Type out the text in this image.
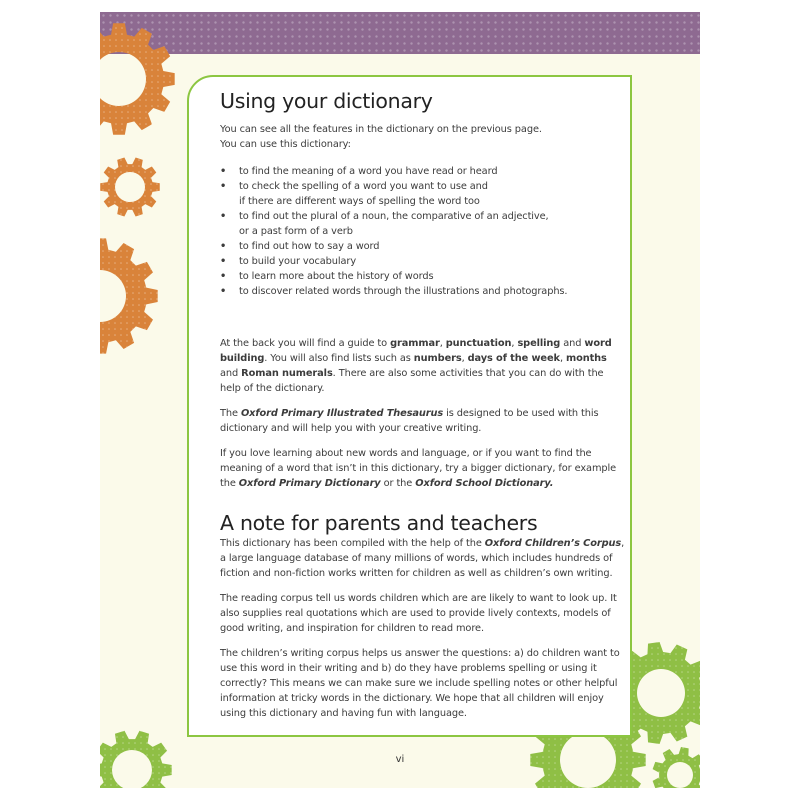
Using your dictionary

You can see all the features in the dictionary on the previous page.
You can use this dictionary:

• to find the meaning of a word you have read or heard
• to check the spelling of a word you want to use and
if there are different ways of spelling the word too
• to find out the plural of a noun, the comparative of an adjective,
or a past form of a verb
• to find out how to say a word
• to build your vocabulary
• to learn more about the history of words
• to discover related words through the illustrations and photographs.

At the back you will find a guide to grammar, punctuation, spelling and word building. You will also find lists such as numbers, days of the week, months and Roman numerals. There are also some activities that you can do with the help of the dictionary.

The Oxford Primary Illustrated Thesaurus is designed to be used with this dictionary and will help you with your creative writing.

If you love learning about new words and language, or if you want to find the meaning of a word that isn’t in this dictionary, try a bigger dictionary, for example the Oxford Primary Dictionary or the Oxford School Dictionary.

A note for parents and teachers

This dictionary has been compiled with the help of the Oxford Children’s Corpus, a large language database of many millions of words, which includes hundreds of fiction and non-fiction works written for children as well as children’s own writing.

The reading corpus tell us words children which are are likely to want to look up. It also supplies real quotations which are used to provide lively contexts, models of good writing, and inspiration for children to read more.

The children’s writing corpus helps us answer the questions: a) do children want to use this word in their writing and b) do they have problems spelling or using it correctly? This means we can make sure we include spelling notes or other helpful information at tricky words in the dictionary. We hope that all children will enjoy using this dictionary and having fun with language.

vi
